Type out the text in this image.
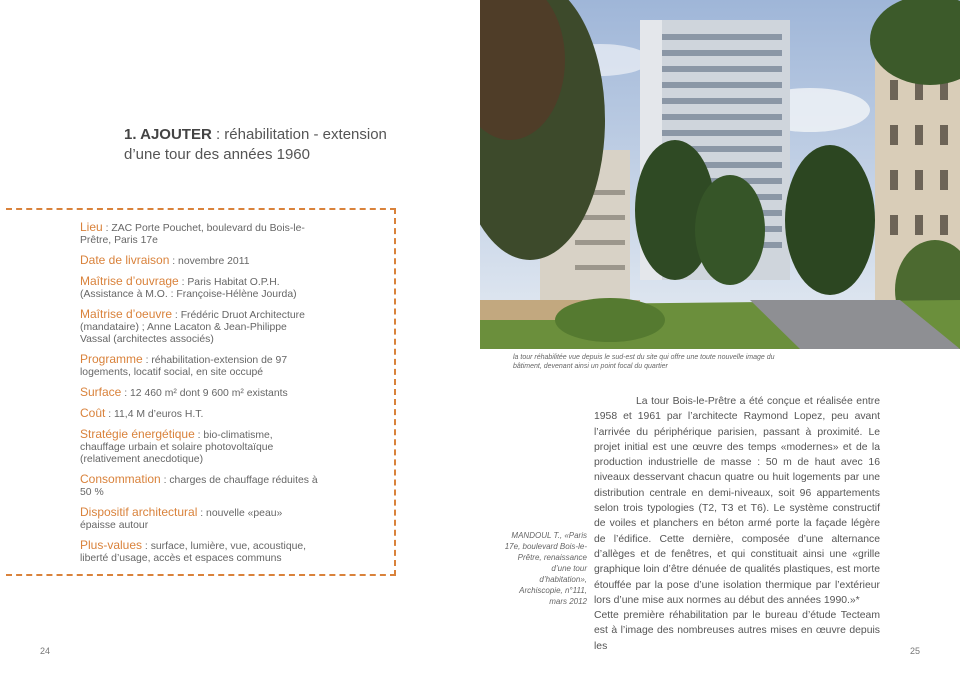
1. AJOUTER : réhabilitation - extension d’une tour des années 1960
Lieu : ZAC Porte Pouchet, boulevard du Bois-le-Prêtre, Paris 17e
Date de livraison : novembre 2011
Maîtrise d’ouvrage : Paris Habitat O.P.H. (Assistance à M.O. : Françoise-Hélène Jourda)
Maîtrise d’oeuvre : Frédéric Druot Architecture (mandataire) ; Anne Lacaton & Jean-Philippe Vassal (architectes associés)
Programme : réhabilitation-extension de 97 logements, locatif social, en site occupé
Surface : 12 460 m² dont 9 600 m² existants
Coût : 11,4 M d’euros H.T.
Stratégie énergétique : bio-climatisme, chauffage urbain et solaire photovoltaïque (relativement anecdotique)
Consommation : charges de chauffage réduites à 50 %
Dispositif architectural : nouvelle «peau» épaisse autour
Plus-values : surface, lumière, vue, acoustique, liberté d’usage, accès et espaces communs
24
la tour réhabilitée vue depuis le sud-est du site qui offre une toute nouvelle image du bâtiment, devenant ainsi un point focal du quartier
MANDOUL T., «Paris 17e, boulevard Bois-le-Prêtre, renaissance d’une tour d’habitation», Archiscopie, n°111, mars 2012

La tour Bois-le-Prêtre a été conçue et réalisée entre 1958 et 1961 par l’architecte Raymond Lopez, peu avant l’arrivée du périphérique parisien, passant à proximité. Le projet initial est une œuvre des temps «modernes» et de la production industrielle de masse : 50 m de haut avec 16 niveaux desservant chacun quatre ou huit logements par une distribution centrale en demi-niveaux, soit 96 appartements selon trois typologies (T2, T3 et T6). Le système constructif de voiles et planchers en béton armé porte la façade légère de l’édifice. Cette dernière, composée d’une alternance d’allèges et de fenêtres, et qui constituait ainsi une «grille graphique loin d’être dénuée de qualités plastiques, est morte étouffée par la pose d’une isolation thermique par l’extérieur lors d’une mise aux normes au début des années 1990.»*

Cette première réhabilitation par le bureau d’étude Tecteam est à l’image des nombreuses autres mises en œuvre depuis les	25
